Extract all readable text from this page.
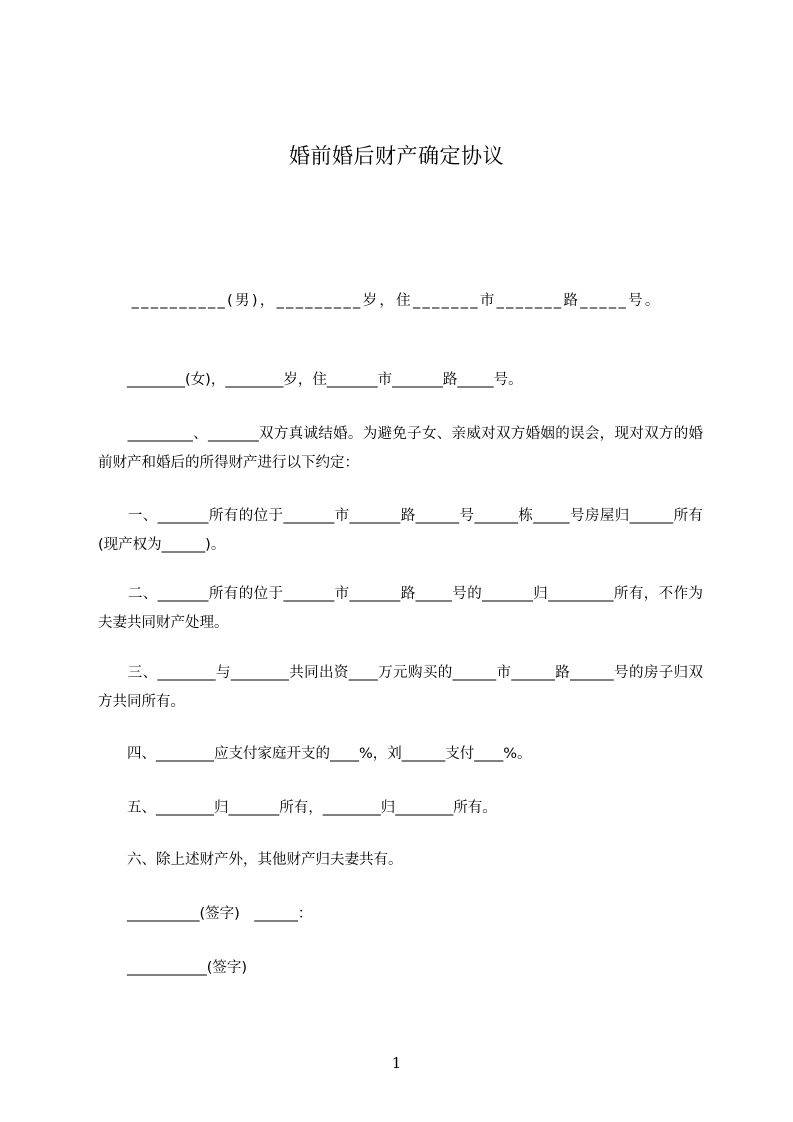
婚前婚后财产确定协议
　　__________(男)，_________岁，住_______市_______路_____号。
　　________(女)，________岁，住_______市_______路_____号。
　　_________、_______双方真诚结婚。为避免子女、亲威对双方婚姻的误会，现对双方的婚前财产和婚后的所得财产进行以下约定：
　　一、_______所有的位于_______市_______路______号______栋_____号房屋归______所有(现产权为______)。
　　二、_______所有的位于_______市_______路_____号的_______归_________所有，不作为夫妻共同财产处理。
　　三、________与________共同出资____万元购买的______市______路______号的房子归双方共同所有。
　　四、________应支付家庭开支的____%，刘______支付____%。
　　五、________归_______所有，________归________所有。
　　六、除上述财产外，其他财产归夫妻共有。
　　__________(签字)　______：
　　___________(签字)
1
